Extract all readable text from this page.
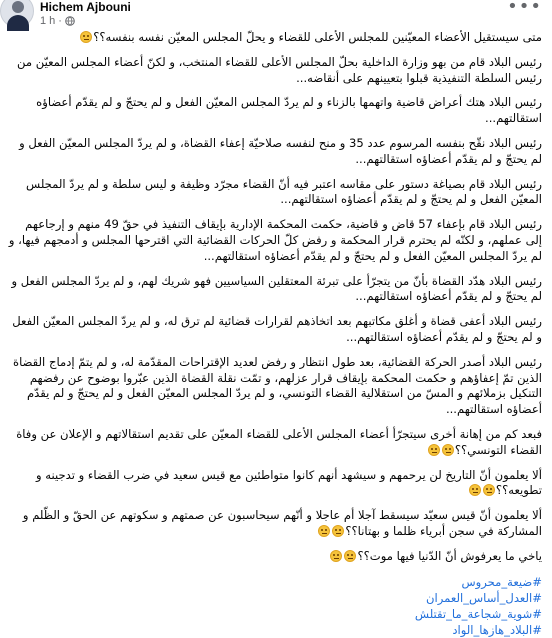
Hichem Ajbouni
1 h ·
•••
متى سيستقيل الأعضاء المعيّنين للمجلس الأعلى للقضاء و يحلّ المجلس المعيّن نفسه بنفسه؟؟
رئيس البلاد قام من بهو وزارة الداخلية بحلّ المجلس الأعلى للقضاء المنتخب، و لكنّ أعضاء المجلس المعيّن من رئيس السلطة التنفيذية قبلوا بتعيينهم على أنقاضه...
رئيس البلاد هتك أعراض قاضية واتهمها بالزناء و لم يردّ المجلس المعيّن الفعل و لم يحتجّ و لم يقدّم أعضاؤه استقالتهم...
رئيس البلاد نقّح بنفسه المرسوم عدد 35 و منح لنفسه صلاحيّة إعفاء القضاة، و لم يردّ المجلس المعيّن الفعل و لم يحتجّ و لم يقدّم أعضاؤه استقالتهم...
رئيس البلاد قام بصياغة دستور على مقاسه اعتبر فيه أنّ القضاء مجرّد وظيفة و ليس سلطة و لم يردّ المجلس المعيّن الفعل و لم يحتجّ و لم يقدّم أعضاؤه استقالتهم...
رئيس البلاد قام بإعفاء 57 قاض و قاضية، حكمت المحكمة الإدارية بإيقاف التنفيذ في حقّ 49 منهم و إرجاعهم إلى عملهم، و لكنّه لم يحترم قرار المحكمة و رفض كلّ الحركات القضائية التي اقترحها المجلس و أدمجهم فيها، و لم يردّ المجلس المعيّن الفعل و لم يحتجّ و لم يقدّم أعضاؤه استقالتهم...
رئيس البلاد هدّد القضاة بأنّ من يتجرّأ على تبرئة المعتقلين السياسيين فهو شريك لهم، و لم يردّ المجلس الفعل و لم يحتجّ و لم يقدّم أعضاؤه استقالتهم...
رئيس البلاد أعفى قضاة و أغلق مكاتبهم بعد اتخاذهم لقرارات قضائية لم ترق له، و لم يردّ المجلس المعيّن الفعل و لم يحتجّ و لم يقدّم أعضاؤه استقالتهم...
رئيس البلاد أصدر الحركة القضائية، بعد طول انتظار و رفض لعديد الإقتراحات المقدّمة له، و لم يتمّ إدماج القضاة الذين تمّ إعفاؤهم و حكمت المحكمة بإيقاف قرار عزلهم، و تمّت نقلة القضاة الذين عبّروا بوضوح عن رفضهم التنكيل بزملائهم و المسّ من استقلالية القضاء التونسي، و لم يردّ المجلس المعيّن الفعل و لم يحتجّ و لم يقدّم أعضاؤه استقالتهم...
فبعد كم من إهانة أخرى سيتجرّأ أعضاء المجلس الأعلى للقضاء المعيّن على تقديم استقالاتهم و الإعلان عن وفاة القضاء التونسي؟؟
ألا يعلمون أنّ التاريخ لن يرحمهم و سيشهد أنهم كانوا متواطئين مع قيس سعيد في ضرب القضاء و تدجينه و تطويعه؟؟
ألا يعلمون أنّ قيس سعيّد سيسقط آجلا أم عاجلا و أنّهم سيحاسبون عن صمتهم و سكوتهم عن الحقّ و الظّلم و المشاركة في سجن أبرياء ظلما و بهتانا؟؟
ياخي ما يعرفوش أنّ الدّنيا فيها موت؟؟
#ضيعة_محروس
#العدل_أساس_العمران
#شوية_شجاعة_ما_تقتلش
#البلاد_هازها_الواد
